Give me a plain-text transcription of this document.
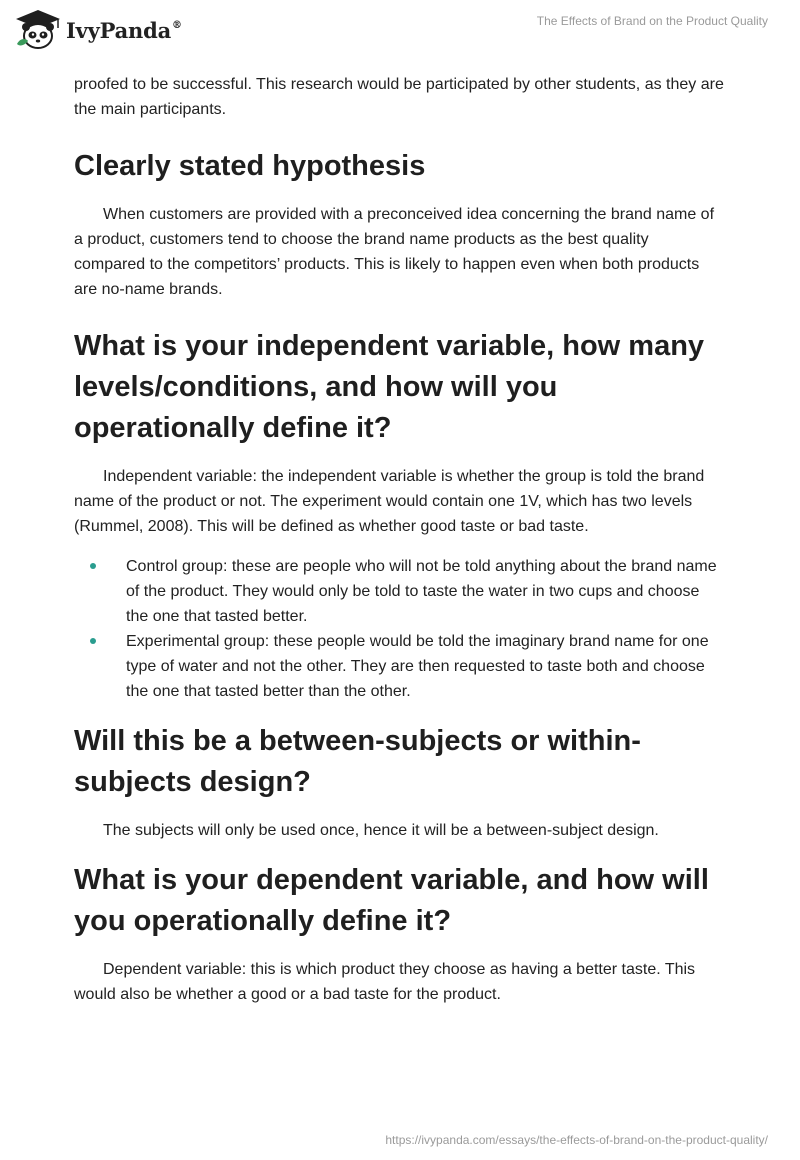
IvyPanda®	The Effects of Brand on the Product Quality

proofed to be successful. This research would be participated by other students, as they are the main participants.

Clearly stated hypothesis

When customers are provided with a preconceived idea concerning the brand name of a product, customers tend to choose the brand name products as the best quality compared to the competitors’ products. This is likely to happen even when both products are no-name brands.

What is your independent variable, how many levels/conditions, and how will you operationally define it?

Independent variable: the independent variable is whether the group is told the brand name of the product or not. The experiment would contain one 1V, which has two levels (Rummel, 2008). This will be defined as whether good taste or bad taste.

Control group: these are people who will not be told anything about the brand name of the product. They would only be told to taste the water in two cups and choose the one that tasted better.
Experimental group: these people would be told the imaginary brand name for one type of water and not the other. They are then requested to taste both and choose the one that tasted better than the other.
Will this be a between-subjects or within-subjects design?

The subjects will only be used once, hence it will be a between-subject design.

What is your dependent variable, and how will you operationally define it?

Dependent variable: this is which product they choose as having a better taste. This would also be whether a good or a bad taste for the product.

https://ivypanda.com/essays/the-effects-of-brand-on-the-product-quality/
